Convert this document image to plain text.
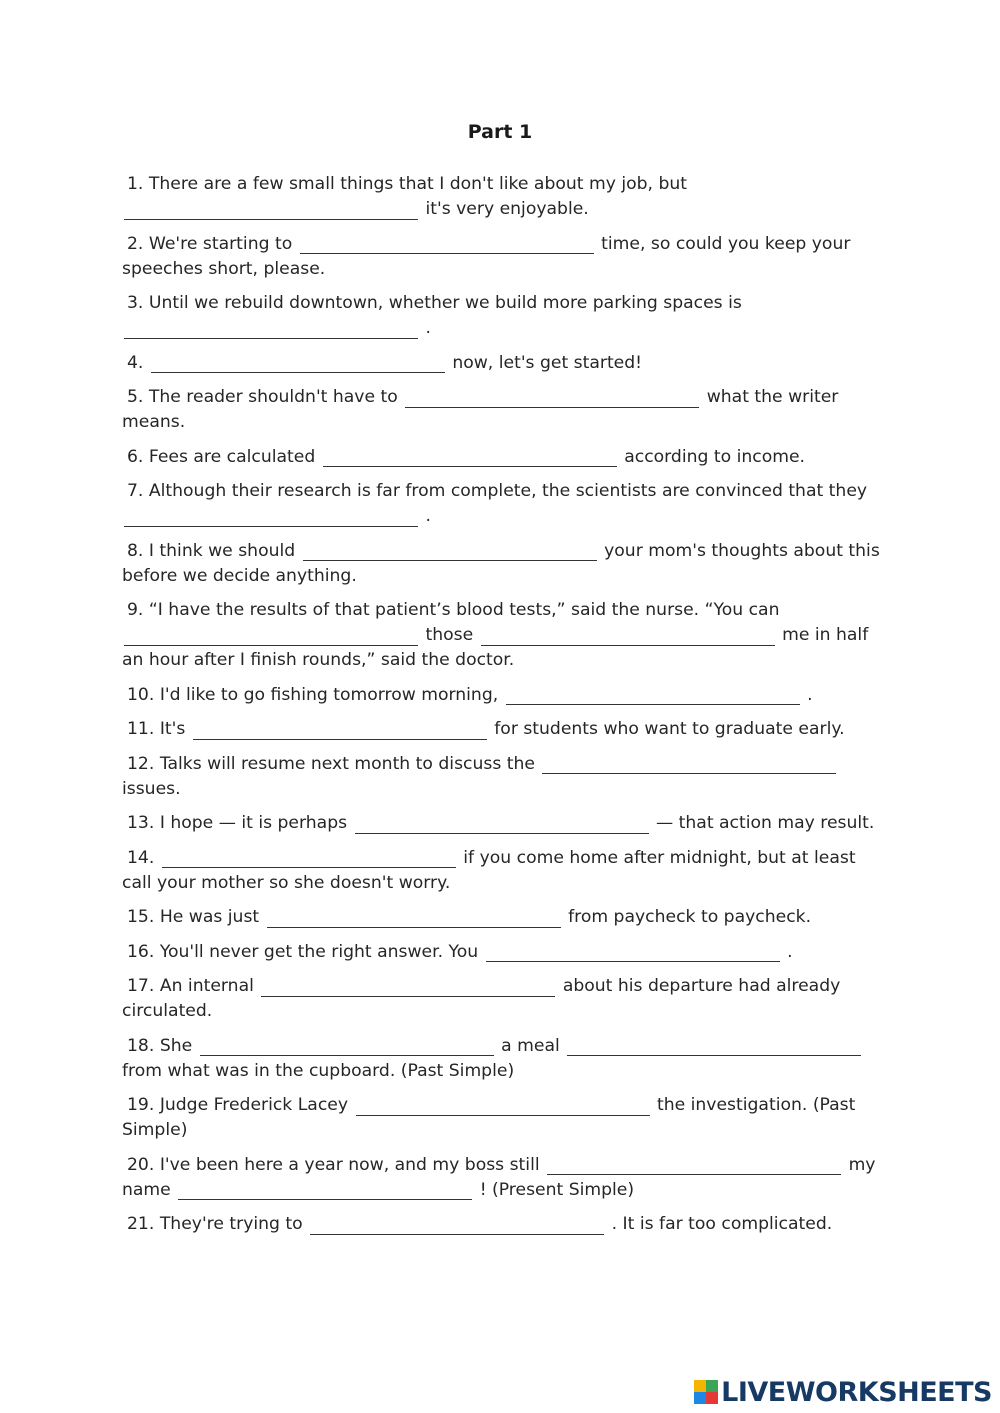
Part 1
1. There are a few small things that I don't like about my job, but  it's very enjoyable.
2. We're starting to	time, so could you keep your speeches short, please.
3. Until we rebuild downtown, whether we build more parking spaces is  .
4.	now, let's get started!
5. The reader shouldn't have to	what the writer means.
6. Fees are calculated	according to income.
7. Although their research is far from complete, the scientists are convinced that they  .
8. I think we should	your mom's thoughts about this before we decide anything.
9. “I have the results of that patient’s blood tests,” said the nurse. “You can  those	me in half an hour after I finish rounds,” said the doctor.
10. I'd like to go fishing tomorrow morning,	.
11. It's	for students who want to graduate early.
12. Talks will resume next month to discuss the  issues.
13. I hope — it is perhaps	— that action may result.
14.	if you come home after midnight, but at least call your mother so she doesn't worry.
15. He was just	from paycheck to paycheck.
16. You'll never get the right answer. You	.
17. An internal	about his departure had already circulated.
18. She	a meal  from what was in the cupboard. (Past Simple)
19. Judge Frederick Lacey	the investigation. (Past Simple)
20. I've been here a year now, and my boss still	my name	! (Present Simple)
21. They're trying to	. It is far too complicated.
LIVEWORKSHEETS
